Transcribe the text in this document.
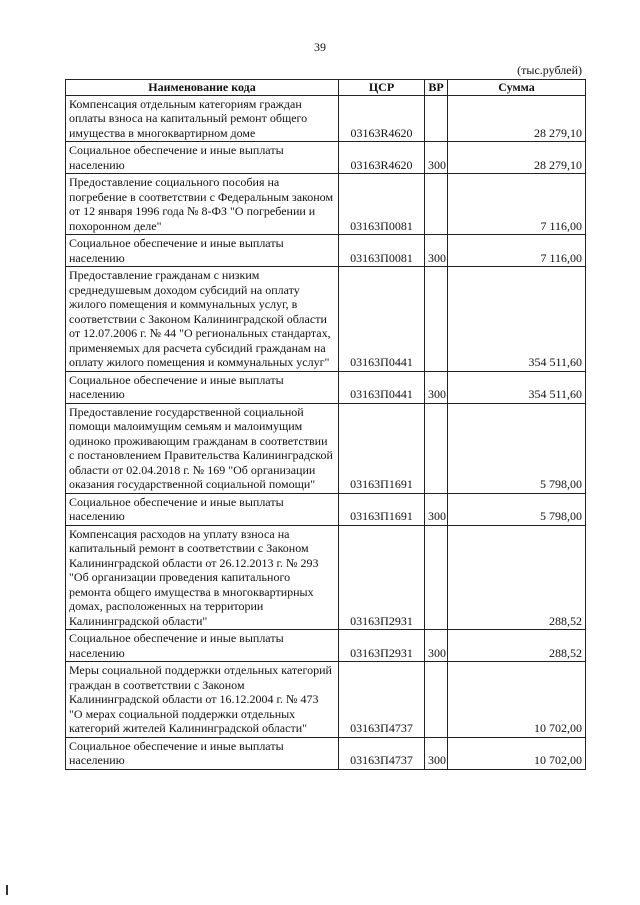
39
(тыс.рублей)
Наименование кода	ЦСР	ВР	Сумма
Компенсация отдельным категориям граждан оплаты взноса на капитальный ремонт общего имущества в многоквартирном доме	03163R4620		28 279,10
Социальное обеспечение и иные выплаты населению	03163R4620	300	28 279,10
Предоставление социального пособия на погребение в соответствии с Федеральным законом от 12 января 1996 года № 8-ФЗ "О погребении и похоронном деле"	03163П0081		7 116,00
Социальное обеспечение и иные выплаты населению	03163П0081	300	7 116,00
Предоставление гражданам с низким среднедушевым доходом субсидий на оплату жилого помещения и коммунальных услуг, в соответствии с Законом Калининградской области от 12.07.2006 г. № 44 "О региональных стандартах, применяемых для расчета субсидий гражданам на оплату жилого помещения и коммунальных услуг"	03163П0441		354 511,60
Социальное обеспечение и иные выплаты населению	03163П0441	300	354 511,60
Предоставление государственной социальной помощи малоимущим семьям и малоимущим одиноко проживающим гражданам в соответствии с постановлением Правительства Калининградской области от 02.04.2018 г. № 169 "Об организации оказания государственной социальной помощи"	03163П1691		5 798,00
Социальное обеспечение и иные выплаты населению	03163П1691	300	5 798,00
Компенсация расходов на уплату взноса на капитальный ремонт в соответствии с Законом Калининградской области от 26.12.2013 г. № 293 "Об организации проведения капитального ремонта общего имущества в многоквартирных домах, расположенных на территории Калининградской области"	03163П2931		288,52
Социальное обеспечение и иные выплаты населению	03163П2931	300	288,52
Меры социальной поддержки отдельных категорий граждан в соответствии с Законом Калининградской области от 16.12.2004 г. № 473 "О мерах социальной поддержки отдельных категорий жителей Калининградской области"	03163П4737		10 702,00
Социальное обеспечение и иные выплаты населению	03163П4737	300	10 702,00
